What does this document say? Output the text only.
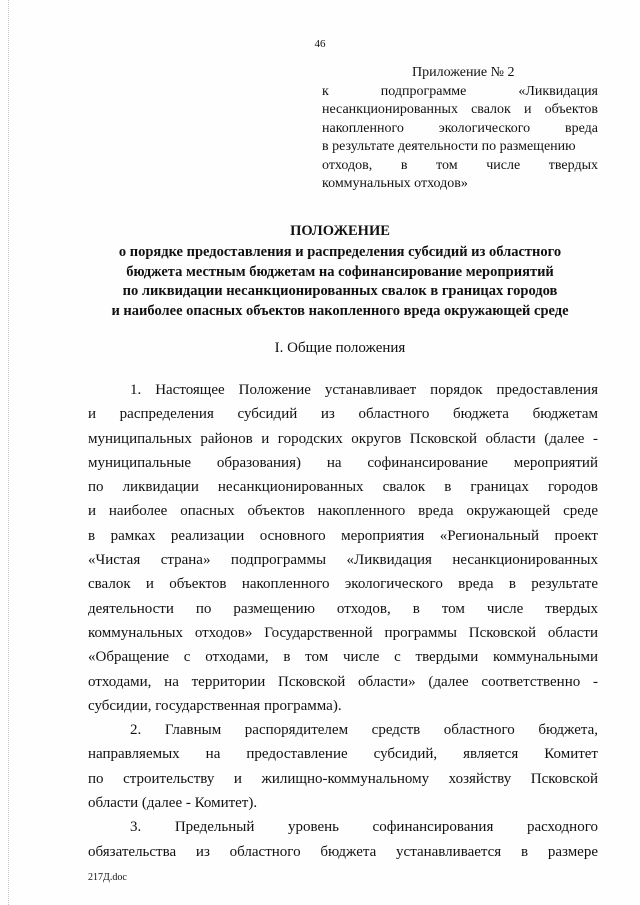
46
Приложение № 2
к подпрограмме «Ликвидация
несанкционированных свалок и объектов
накопленного экологического вреда
в результате деятельности по размещению
отходов, в том числе твердых
коммунальных отходов»
ПОЛОЖЕНИЕ
о порядке предоставления и распределения субсидий из областного
бюджета местным бюджетам на софинансирование мероприятий
по ликвидации несанкционированных свалок в границах городов
и наиболее опасных объектов накопленного вреда окружающей среде
I. Общие положения
1. Настоящее Положение устанавливает порядок предоставления
и распределения субсидий из областного бюджета бюджетам
муниципальных районов и городских округов Псковской области (далее -
муниципальные образования) на софинансирование мероприятий
по ликвидации несанкционированных свалок в границах городов
и наиболее опасных объектов накопленного вреда окружающей среде
в рамках реализации основного мероприятия «Региональный проект
«Чистая страна» подпрограммы «Ликвидация несанкционированных
свалок и объектов накопленного экологического вреда в результате
деятельности по размещению отходов, в том числе твердых
коммунальных отходов» Государственной программы Псковской области
«Обращение с отходами, в том числе с твердыми коммунальными
отходами, на территории Псковской области» (далее соответственно -
субсидии, государственная программа).
2. Главным распорядителем средств областного бюджета,
направляемых на предоставление субсидий, является Комитет
по строительству и жилищно-коммунальному хозяйству Псковской
области (далее - Комитет).
3. Предельный уровень софинансирования расходного
обязательства из областного бюджета устанавливается в размере
217Д.doc
